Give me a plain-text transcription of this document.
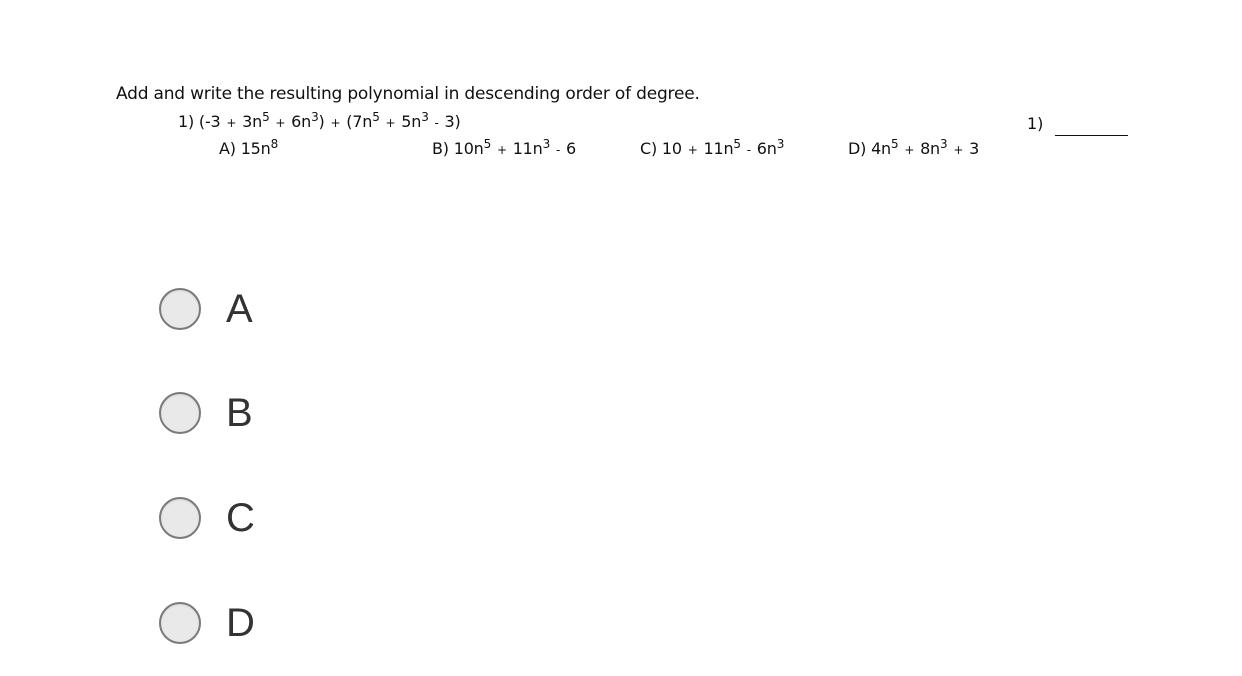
Add and write the resulting polynomial in descending order of degree.
1) $(-3 + 3n^5 + 6n^3) + (7n^5 + 5n^3 - 3)$
A) $15n^8$	B) $10n^5 + 11n^3 - 6$	C) $10 + 11n^5 - 6n^3$	D) $4n^5 + 8n^3 + 3$
1)
A
B
C
D
